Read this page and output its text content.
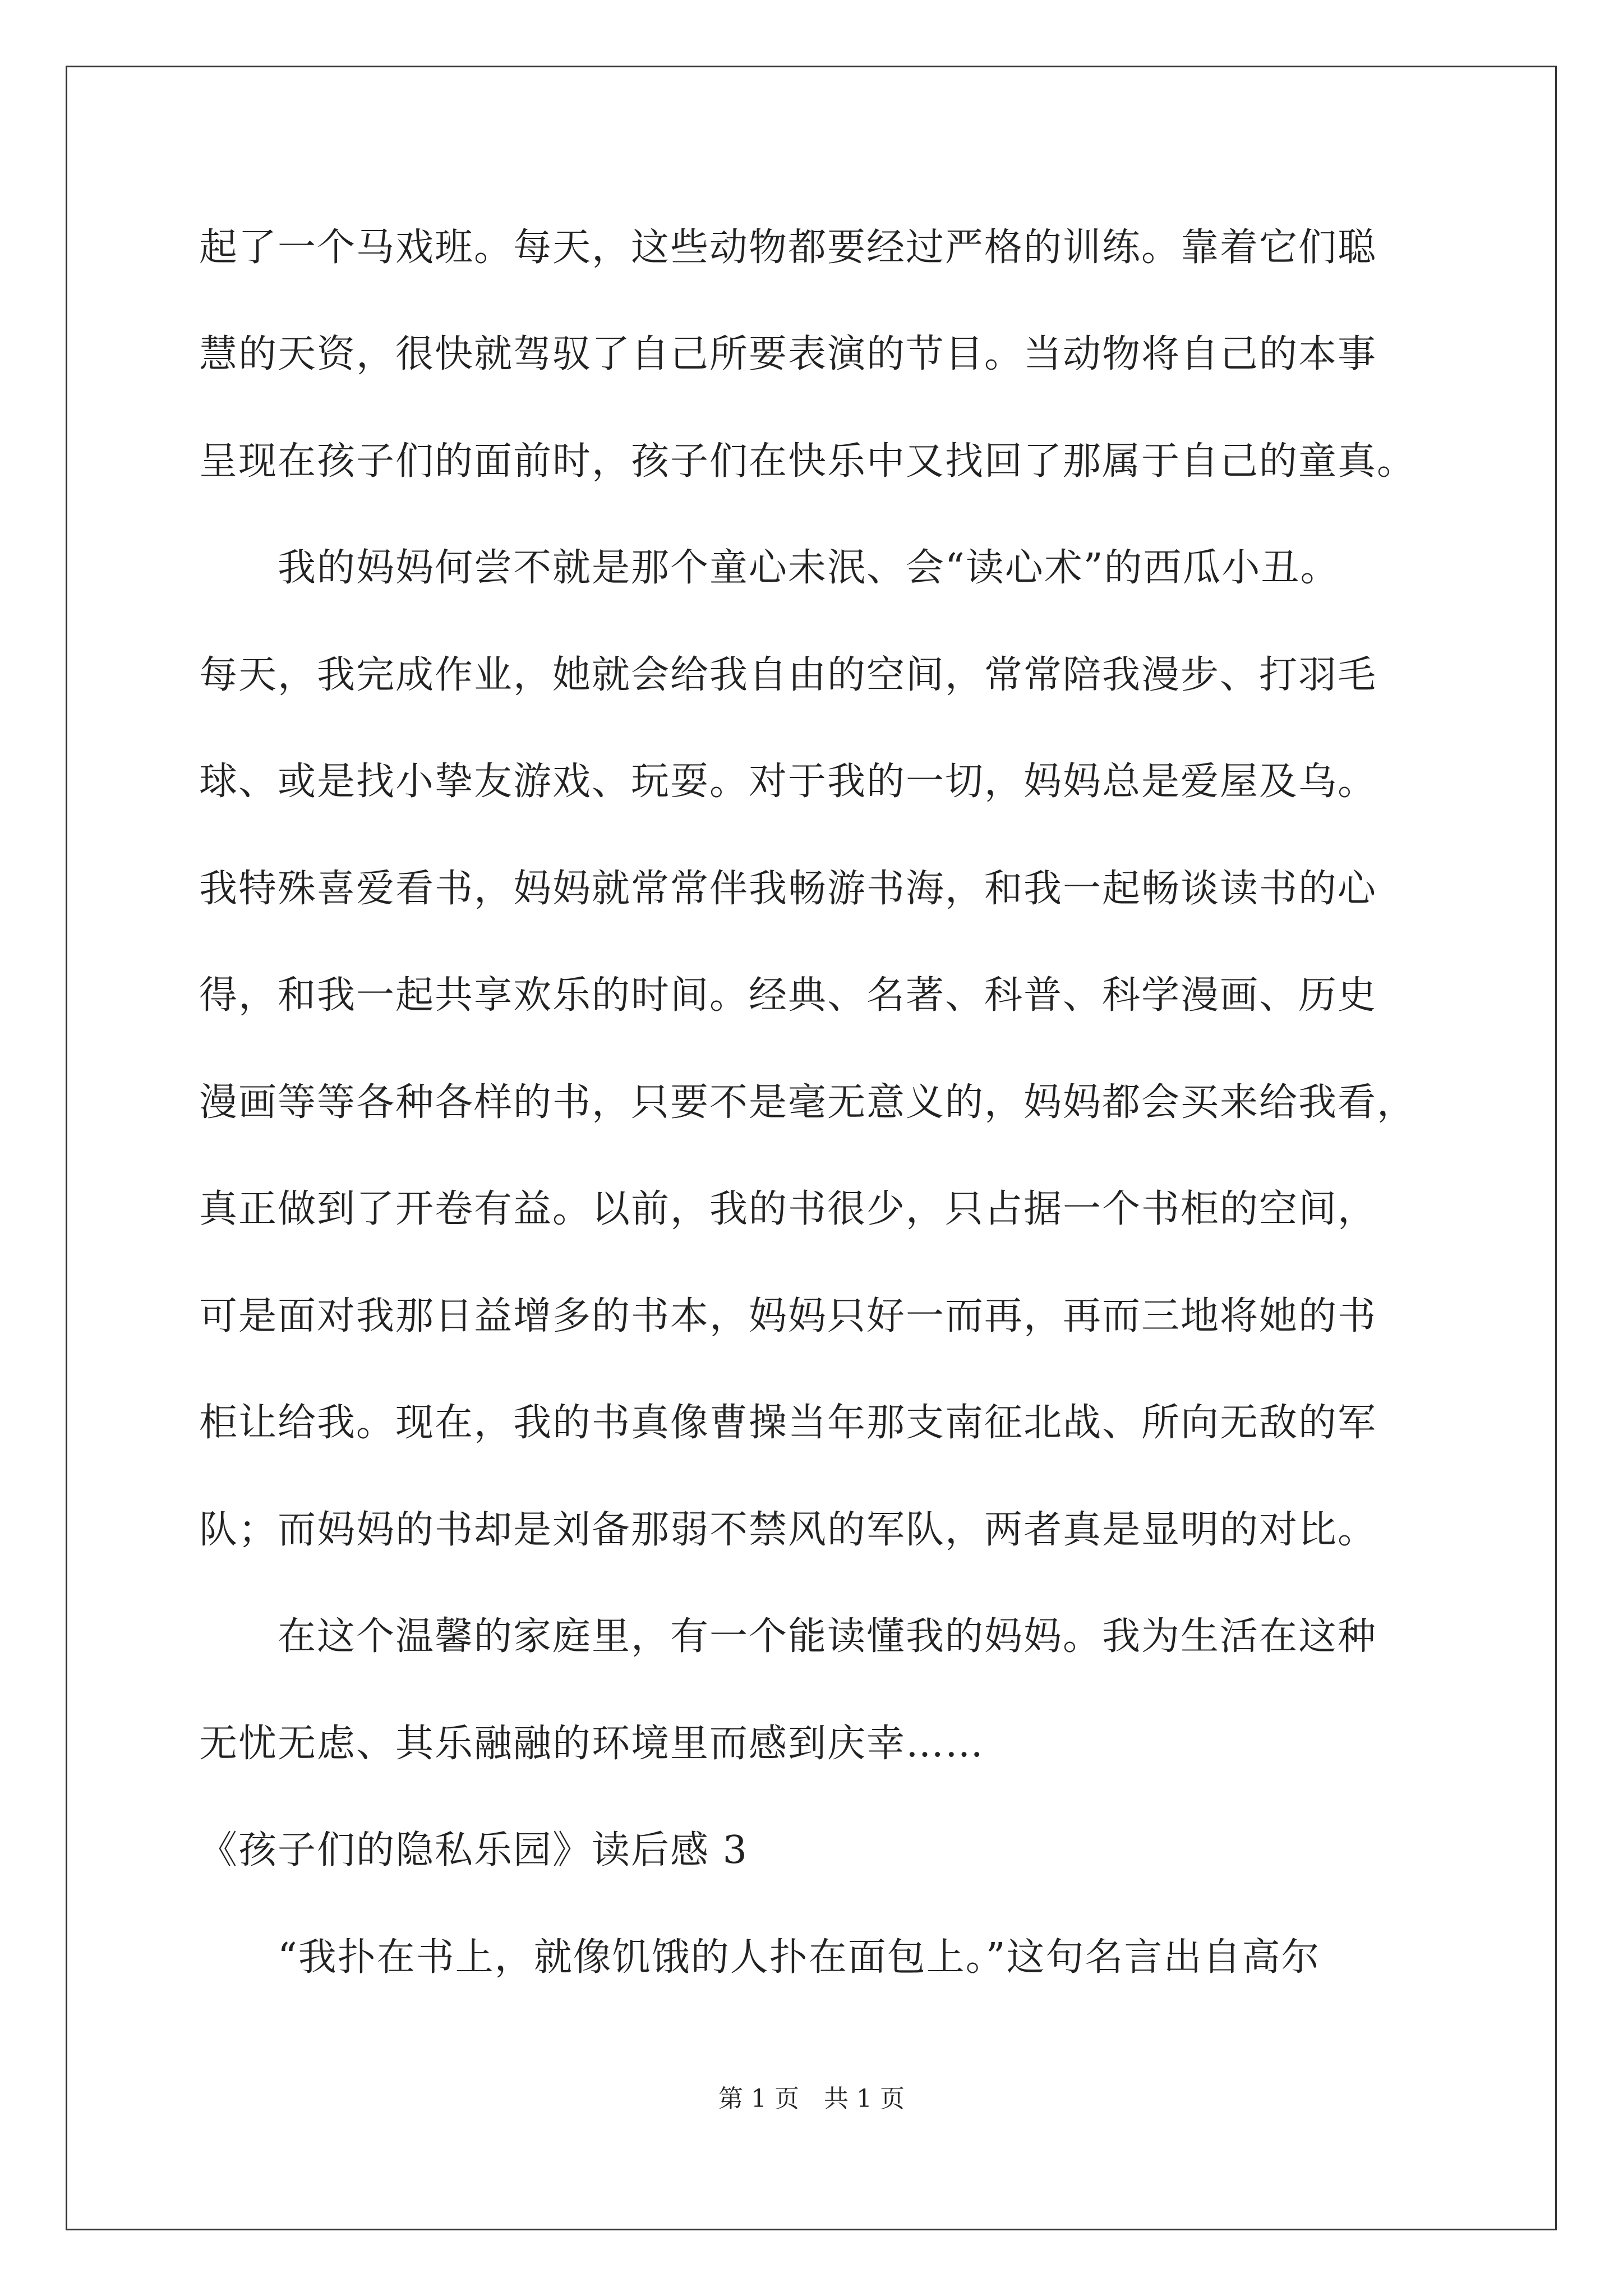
起了一个马戏班。每天，这些动物都要经过严格的训练。靠着它们聪
慧的天资，很快就驾驭了自己所要表演的节目。当动物将自己的本事
呈现在孩子们的面前时，孩子们在快乐中又找回了那属于自己的童真。
　　我的妈妈何尝不就是那个童心未泯、会“读心术”的西瓜小丑。
每天，我完成作业，她就会给我自由的空间，常常陪我漫步、打羽毛
球、或是找小挚友游戏、玩耍。对于我的一切，妈妈总是爱屋及乌。
我特殊喜爱看书，妈妈就常常伴我畅游书海，和我一起畅谈读书的心
得，和我一起共享欢乐的时间。经典、名著、科普、科学漫画、历史
漫画等等各种各样的书，只要不是毫无意义的，妈妈都会买来给我看，
真正做到了开卷有益。以前，我的书很少，只占据一个书柜的空间，
可是面对我那日益增多的书本，妈妈只好一而再，再而三地将她的书
柜让给我。现在，我的书真像曹操当年那支南征北战、所向无敌的军
队；而妈妈的书却是刘备那弱不禁风的军队，两者真是显明的对比。
　　在这个温馨的家庭里，有一个能读懂我的妈妈。我为生活在这种
无忧无虑、其乐融融的环境里而感到庆幸……
《孩子们的隐私乐园》读后感 3
　　“我扑在书上，就像饥饿的人扑在面包上。”这句名言出自高尔
第 1 页　共 1 页
